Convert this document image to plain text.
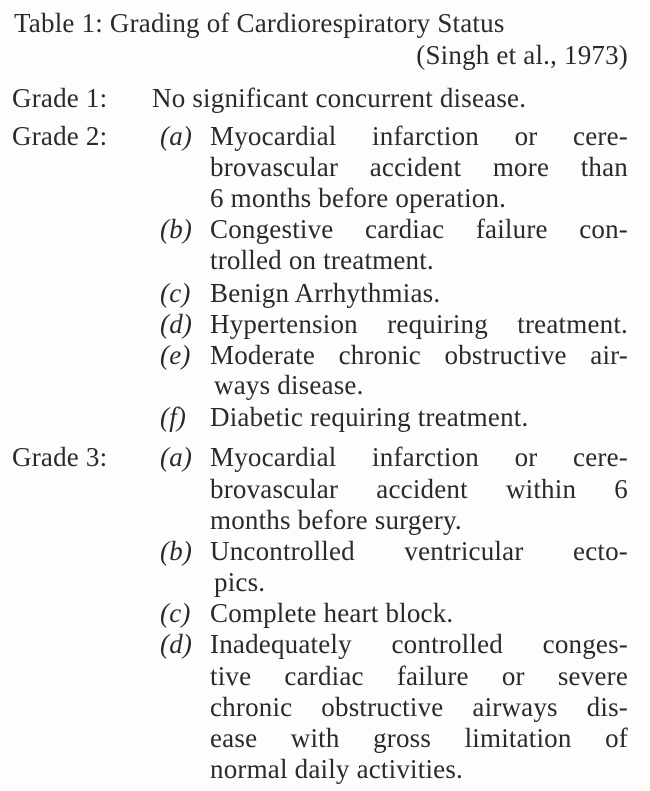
Table 1: Grading of Cardiorespiratory Status
(Singh et al., 1973)
Grade 1: No significant concurrent disease.
Grade 2: (a) Myocardial infarction or cere-
brovascular accident more than
6 months before operation.
(b) Congestive cardiac failure con-
trolled on treatment.
(c) Benign Arrhythmias.
(d) Hypertension requiring treatment.
(e) Moderate chronic obstructive air-
ways disease.
(f) Diabetic requiring treatment.
Grade 3: (a) Myocardial infarction or cere-
brovascular accident within 6
months before surgery.
(b) Uncontrolled ventricular ecto-
pics.
(c) Complete heart block.
(d) Inadequately controlled conges-
tive cardiac failure or severe
chronic obstructive airways dis-
ease with gross limitation of
normal daily activities.
